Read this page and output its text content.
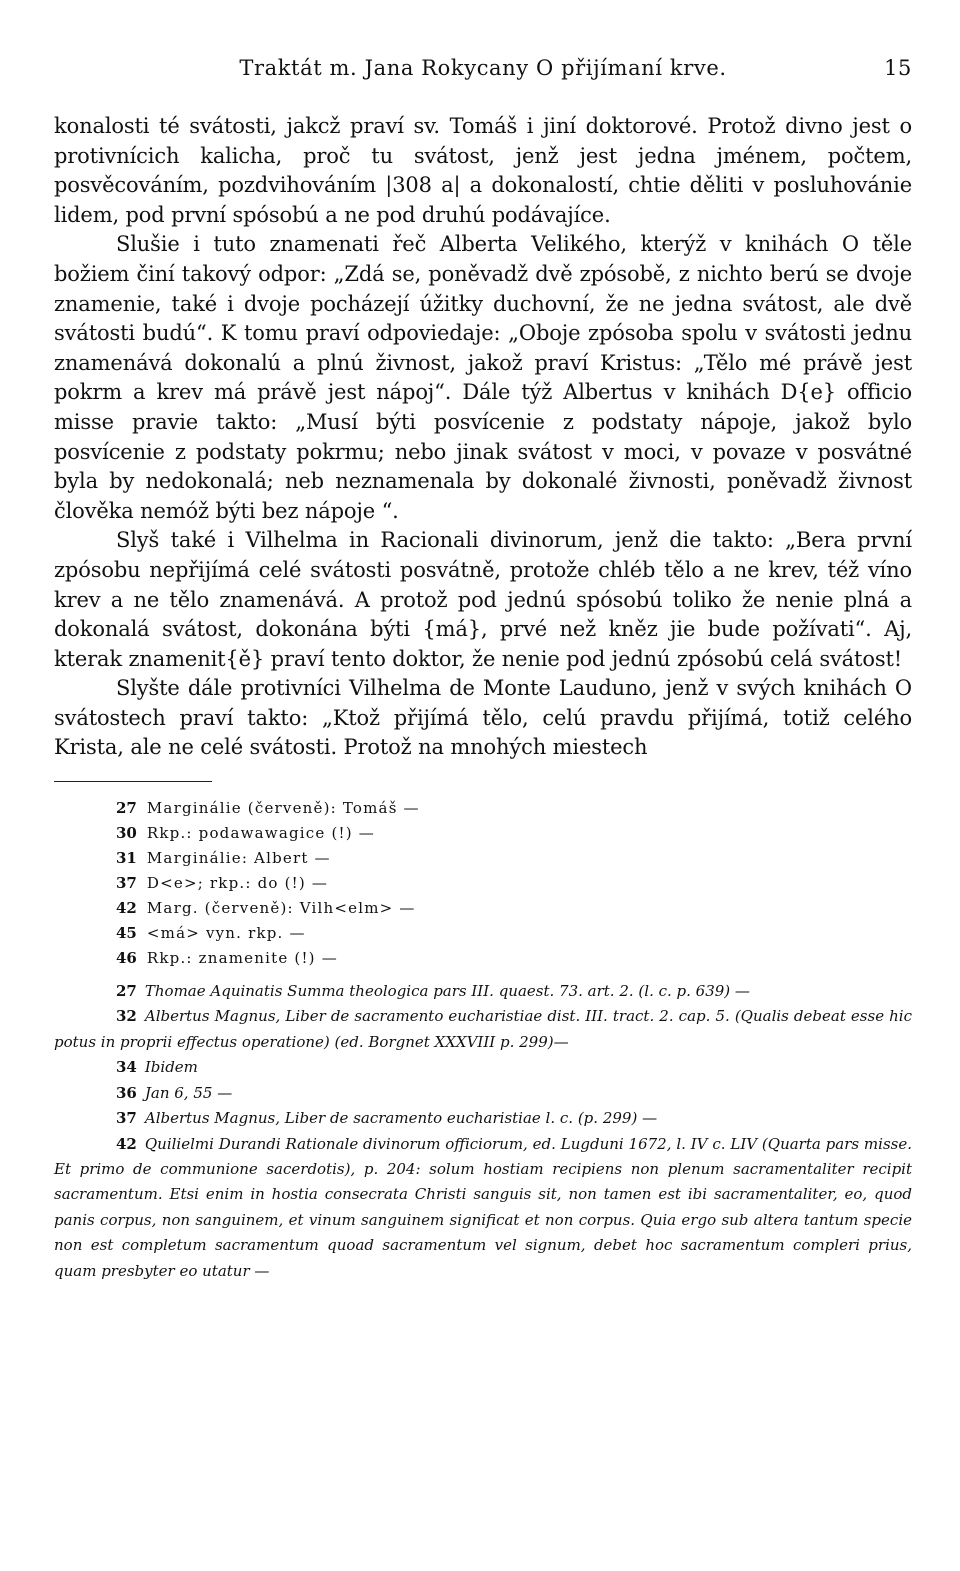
Traktát m. Jana Rokycany O přijímaní krve.	15

konalosti té svátosti, jakcž praví sv. Tomáš i jiní doktorové. Protož divno jest o protivnícich kalicha, proč tu svátost, jenž jest jedna jménem, počtem, posvěcováním, pozdvihováním |308 a| a dokonalostí, chtie děliti v posluhovánie lidem, pod první spósobú a ne pod druhú podávajíce.

Slušie i tuto znamenati řeč Alberta Velikého, kterýž v knihách O těle božiem činí takový odpor: „Zdá se, poněvadž dvě zpósobě, z nichto berú se dvoje znamenie, také i dvoje pocházejí úžitky duchovní, že ne jedna svátost, ale dvě svátosti budú“. K tomu praví odpoviedaje: „Oboje zpósoba spolu v svátosti jednu znamenává dokonalú a plnú živnost, jakož praví Kristus: „Tělo mé právě jest pokrm a krev má právě jest nápoj“. Dále týž Albertus v knihách D{e} officio misse pravie takto: „Musí býti posvícenie z podstaty nápoje, jakož bylo posvícenie z podstaty pokrmu; nebo jinak svátost v moci, v povaze v posvátné byla by nedokonalá; neb neznamenala by dokonalé živnosti, poněvadž živnost člověka nemóž býti bez nápoje “.

Slyš také i Vilhelma in Racionali divinorum, jenž die takto: „Bera první zpósobu nepřijímá celé svátosti posvátně, protože chléb tělo a ne krev, též víno krev a ne tělo znamenává. A protož pod jednú spósobú toliko že nenie plná a dokonalá svátost, dokonána býti {má}, prvé než kněz jie bude požívati“. Aj, kterak znamenit{ě} praví tento doktor, že nenie pod jednú zpósobú celá svátost!

Slyšte dále protivníci Vilhelma de Monte Lauduno, jenž v svých knihách O svátostech praví takto: „Ktož přijímá tělo, celú pravdu přijímá, totiž celého Krista, ale ne celé svátosti. Protož na mnohých miestech

27 Marginálie (červeně): Tomáš —
30 Rkp.: podawawagice (!) —
31 Marginálie: Albert —
37 D<e>; rkp.: do (!) —
42 Marg. (červeně): Vilh<elm> —
45 <má> vyn. rkp. —
46 Rkp.: znamenite (!) —

27 Thomae Aquinatis Summa theologica pars III. quaest. 73. art. 2. (l. c. p. 639) —

32 Albertus Magnus, Liber de sacramento eucharistiae dist. III. tract. 2. cap. 5. (Qualis debeat esse hic potus in proprii effectus operatione) (ed. Borgnet XXXVIII p. 299)—

34 Ibidem

36 Jan 6, 55 —

37 Albertus Magnus, Liber de sacramento eucharistiae l. c. (p. 299) —

42 Quilielmi Durandi Rationale divinorum officiorum, ed. Lugduni 1672, l. IV c. LIV (Quarta pars misse. Et primo de communione sacerdotis), p. 204: solum hostiam recipiens non plenum sacramentaliter recipit sacramentum. Etsi enim in hostia consecrata Christi sanguis sit, non tamen est ibi sacramentaliter, eo, quod panis corpus, non sanguinem, et vinum sanguinem significat et non corpus. Quia ergo sub altera tantum specie non est completum sacramentum quoad sacramentum vel signum, debet hoc sacramentum compleri prius, quam presbyter eo utatur —
